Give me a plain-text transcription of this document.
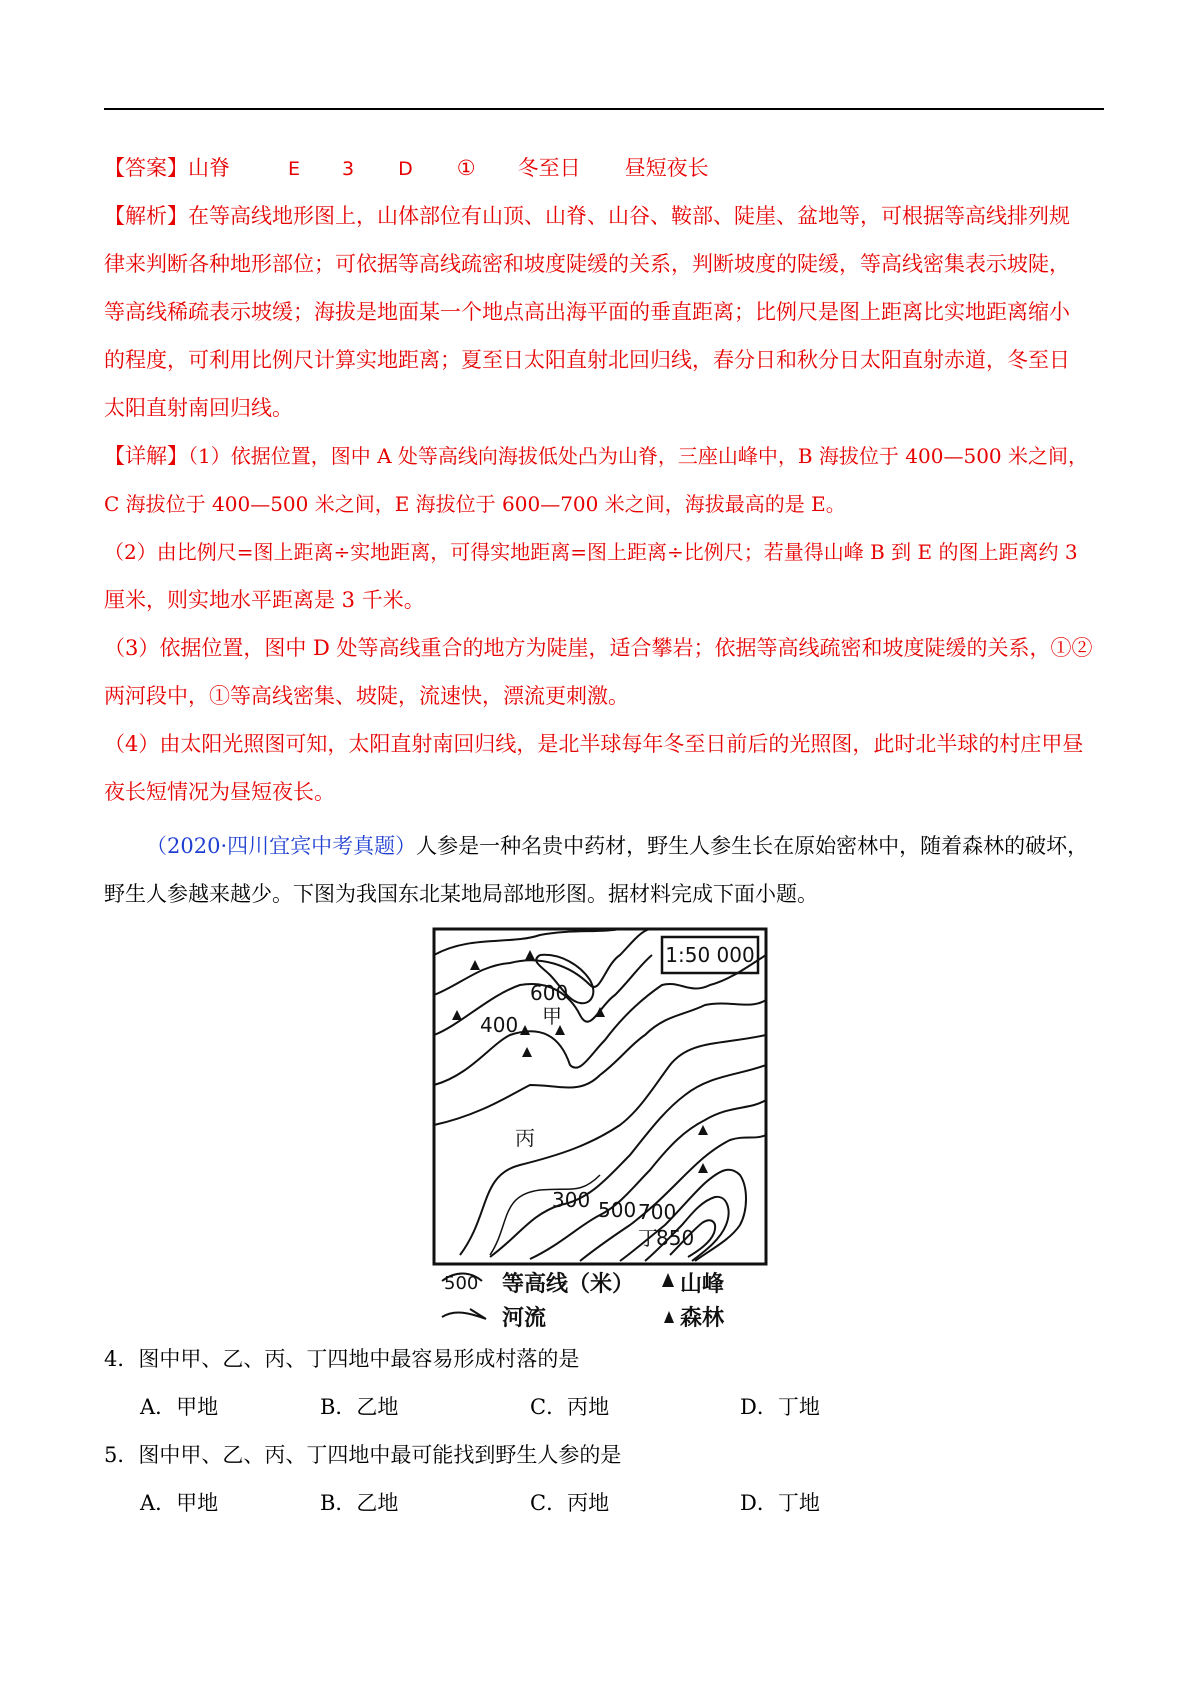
【答案】山脊	E 3 D ① 冬至日 昼短夜长
【解析】在等高线地形图上，山体部位有山顶、山脊、山谷、鞍部、陡崖、盆地等，可根据等高线排列规
律来判断各种地形部位；可依据等高线疏密和坡度陡缓的关系，判断坡度的陡缓，等高线密集表示坡陡，
等高线稀疏表示坡缓；海拔是地面某一个地点高出海平面的垂直距离；比例尺是图上距离比实地距离缩小
的程度，可利用比例尺计算实地距离；夏至日太阳直射北回归线，春分日和秋分日太阳直射赤道，冬至日
太阳直射南回归线。
【详解】（1）依据位置，图中 A 处等高线向海拔低处凸为山脊，三座山峰中，B 海拔位于 400—500 米之间，
C 海拔位于 400—500 米之间，E 海拔位于 600—700 米之间，海拔最高的是 E。
（2）由比例尺=图上距离÷实地距离，可得实地距离=图上距离÷比例尺；若量得山峰 B 到 E 的图上距离约 3
厘米，则实地水平距离是 3 千米。
（3）依据位置，图中 D 处等高线重合的地方为陡崖，适合攀岩；依据等高线疏密和坡度陡缓的关系，①②
两河段中，①等高线密集、坡陡，流速快，漂流更刺激。
（4）由太阳光照图可知，太阳直射南回归线，是北半球每年冬至日前后的光照图，此时北半球的村庄甲昼
夜长短情况为昼短夜长。
（2020·四川宜宾中考真题）人参是一种名贵中药材，野生人参生长在原始密林中，随着森林的破坏，
野生人参越来越少。下图为我国东北某地局部地形图。据材料完成下面小题。
1:50 000
600
400 甲
丙
300 500 700
丁
850
500 等高线（米） 山峰
河流	森林
4．图中甲、乙、丙、丁四地中最容易形成村落的是
A．甲地	B．乙地	C．丙地	D．丁地
5．图中甲、乙、丙、丁四地中最可能找到野生人参的是
A．甲地	B．乙地	C．丙地	D．丁地
